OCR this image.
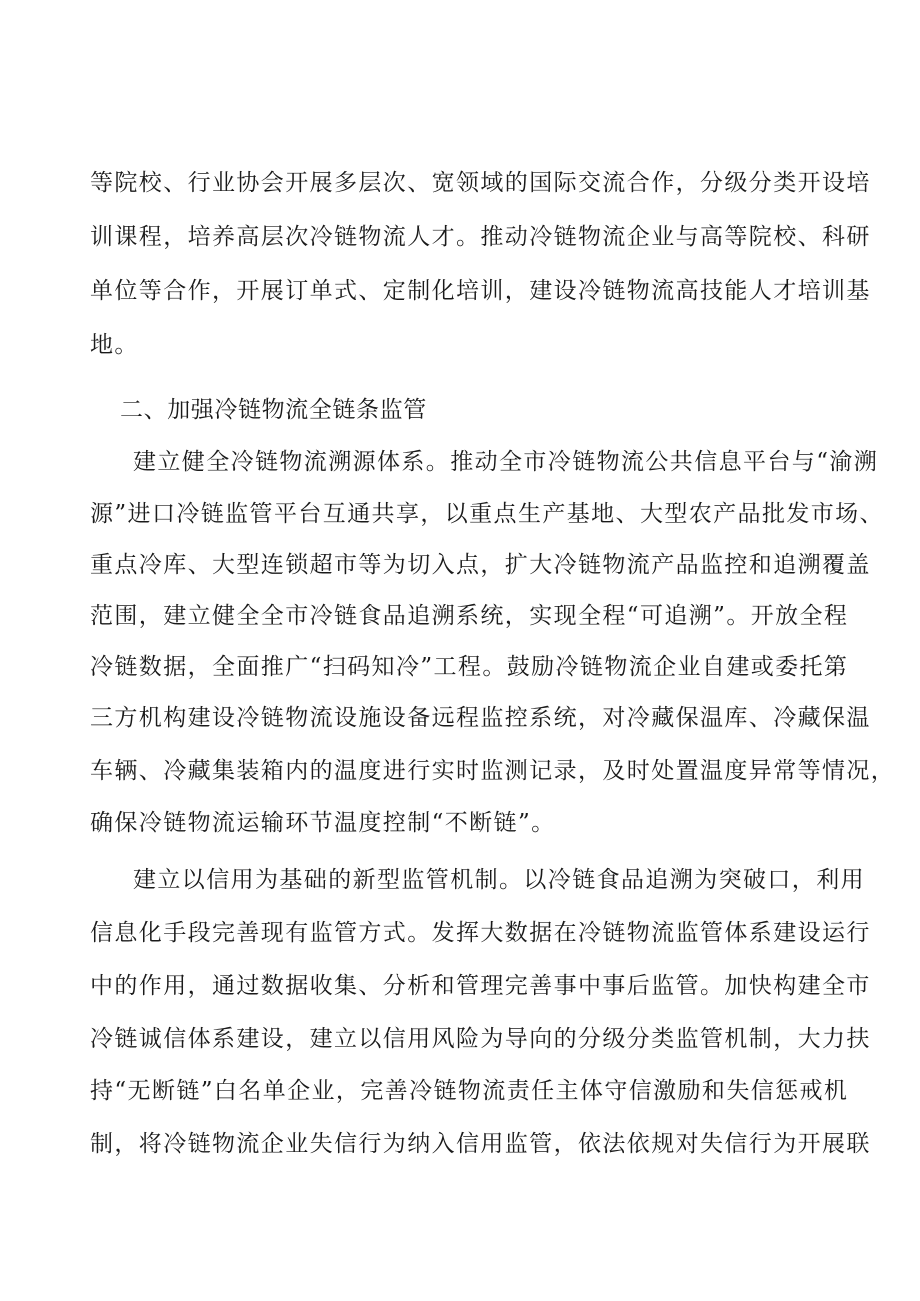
等院校、行业协会开展多层次、宽领域的国际交流合作，分级分类开设培
训课程，培养高层次冷链物流人才。推动冷链物流企业与高等院校、科研
单位等合作，开展订单式、定制化培训，建设冷链物流高技能人才培训基
地。
二、加强冷链物流全链条监管
建立健全冷链物流溯源体系。推动全市冷链物流公共信息平台与“渝溯
源”进口冷链监管平台互通共享，以重点生产基地、大型农产品批发市场、
重点冷库、大型连锁超市等为切入点，扩大冷链物流产品监控和追溯覆盖
范围，建立健全全市冷链食品追溯系统，实现全程“可追溯”。开放全程
冷链数据，全面推广“扫码知冷”工程。鼓励冷链物流企业自建或委托第
三方机构建设冷链物流设施设备远程监控系统，对冷藏保温库、冷藏保温
车辆、冷藏集装箱内的温度进行实时监测记录，及时处置温度异常等情况，
确保冷链物流运输环节温度控制“不断链”。
建立以信用为基础的新型监管机制。以冷链食品追溯为突破口，利用
信息化手段完善现有监管方式。发挥大数据在冷链物流监管体系建设运行
中的作用，通过数据收集、分析和管理完善事中事后监管。加快构建全市
冷链诚信体系建设，建立以信用风险为导向的分级分类监管机制，大力扶
持“无断链”白名单企业，完善冷链物流责任主体守信激励和失信惩戒机
制，将冷链物流企业失信行为纳入信用监管，依法依规对失信行为开展联
